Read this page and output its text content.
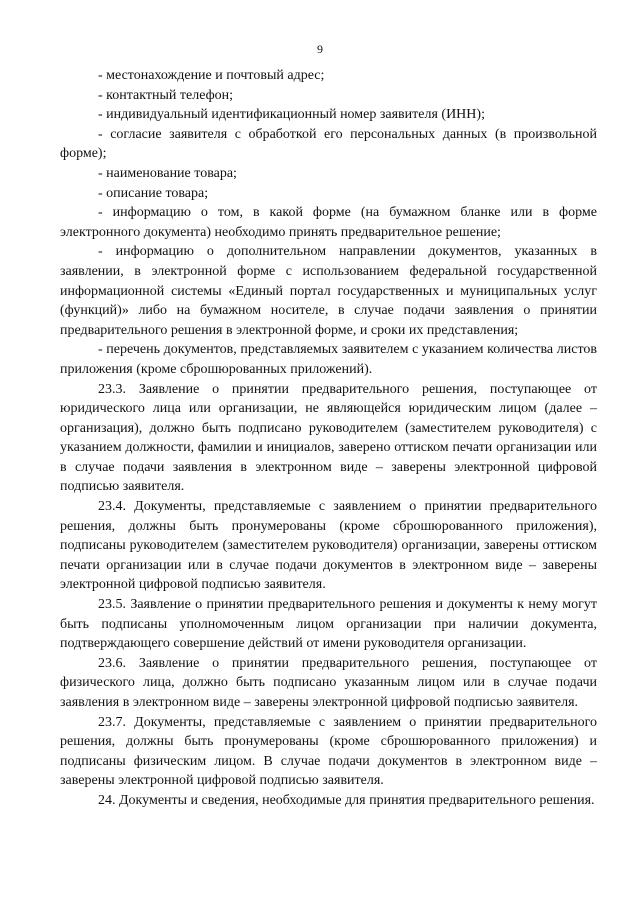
9

- местонахождение и почтовый адрес;

- контактный телефон;

- индивидуальный идентификационный номер заявителя (ИНН);

- согласие заявителя с обработкой его персональных данных (в произвольной форме);

- наименование товара;

- описание товара;

- информацию о том, в какой форме (на бумажном бланке или в форме электронного документа) необходимо принять предварительное решение;

- информацию о дополнительном направлении документов, указанных в заявлении, в электронной форме с использованием федеральной государственной информационной системы «Единый портал государственных и муниципальных услуг (функций)» либо на бумажном носителе, в случае подачи заявления о принятии предварительного решения в электронной форме, и сроки их представления;

- перечень документов, представляемых заявителем с указанием количества листов приложения (кроме сброшюрованных приложений).

23.3. Заявление о принятии предварительного решения, поступающее от юридического лица или организации, не являющейся юридическим лицом (далее – организация), должно быть подписано руководителем (заместителем руководителя) с указанием должности, фамилии и инициалов, заверено оттиском печати организации или в случае подачи заявления в электронном виде – заверены электронной цифровой подписью заявителя.

23.4. Документы, представляемые с заявлением о принятии предварительного решения, должны быть пронумерованы (кроме сброшюрованного приложения), подписаны руководителем (заместителем руководителя) организации, заверены оттиском печати организации или в случае подачи документов в электронном виде – заверены электронной цифровой подписью заявителя.

23.5. Заявление о принятии предварительного решения и документы к нему могут быть подписаны уполномоченным лицом организации при наличии документа, подтверждающего совершение действий от имени руководителя организации.

23.6. Заявление о принятии предварительного решения, поступающее от физического лица, должно быть подписано указанным лицом или в случае подачи заявления в электронном виде – заверены электронной цифровой подписью заявителя.

23.7. Документы, представляемые с заявлением о принятии предварительного решения, должны быть пронумерованы (кроме сброшюрованного приложения) и подписаны физическим лицом. В случае подачи документов в электронном виде – заверены электронной цифровой подписью заявителя.

24. Документы и сведения, необходимые для принятия предварительного решения.
